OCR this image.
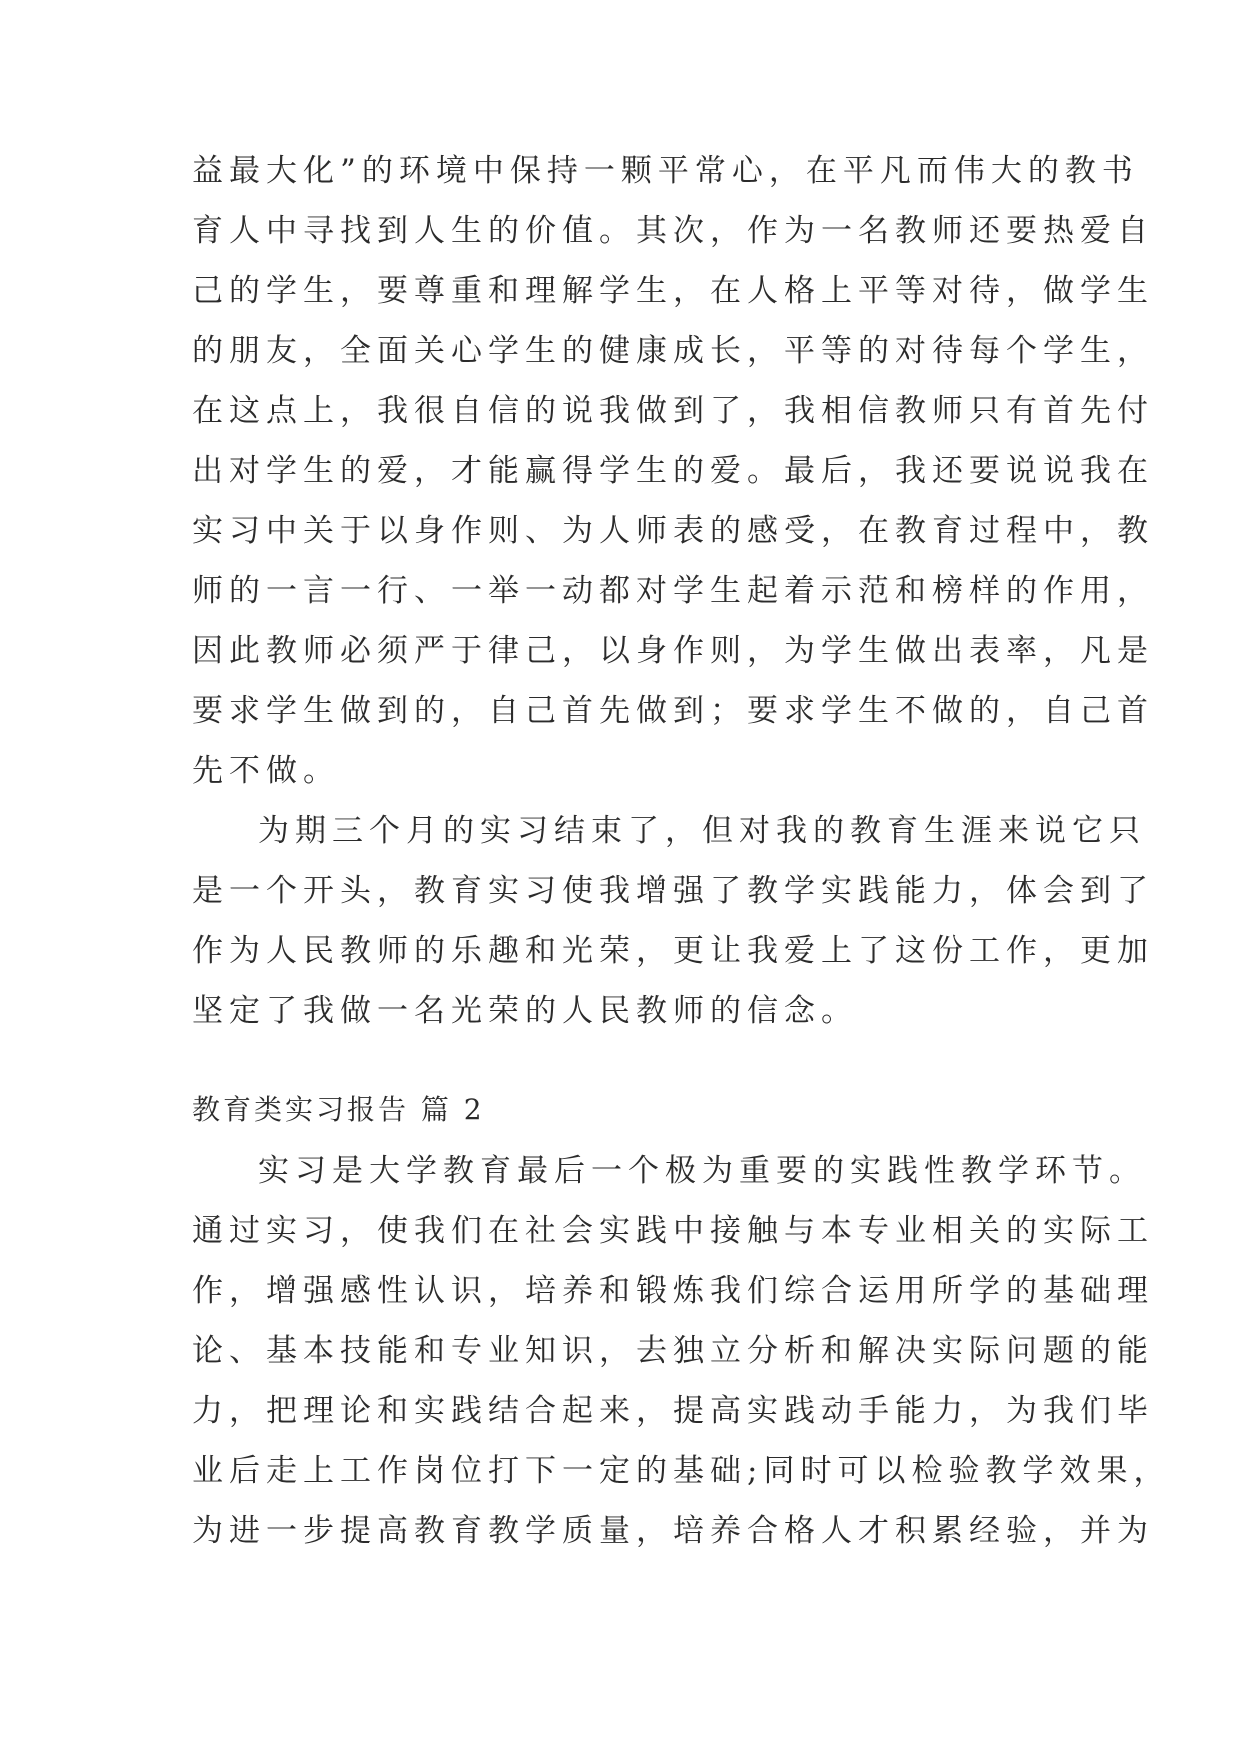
益最大化”的环境中保持一颗平常心，在平凡而伟大的教书
育人中寻找到人生的价值。其次，作为一名教师还要热爱自
己的学生，要尊重和理解学生，在人格上平等对待，做学生
的朋友，全面关心学生的健康成长，平等的对待每个学生，
在这点上，我很自信的说我做到了，我相信教师只有首先付
出对学生的爱，才能赢得学生的爱。最后，我还要说说我在
实习中关于以身作则、为人师表的感受，在教育过程中，教
师的一言一行、一举一动都对学生起着示范和榜样的作用，
因此教师必须严于律己，以身作则，为学生做出表率，凡是
要求学生做到的，自己首先做到；要求学生不做的，自己首
先不做。
为期三个月的实习结束了，但对我的教育生涯来说它只
是一个开头，教育实习使我增强了教学实践能力，体会到了
作为人民教师的乐趣和光荣，更让我爱上了这份工作，更加
坚定了我做一名光荣的人民教师的信念。
教育类实习报告 篇 2
实习是大学教育最后一个极为重要的实践性教学环节。
通过实习，使我们在社会实践中接触与本专业相关的实际工
作，增强感性认识，培养和锻炼我们综合运用所学的基础理
论、基本技能和专业知识，去独立分析和解决实际问题的能
力，把理论和实践结合起来，提高实践动手能力，为我们毕
业后走上工作岗位打下一定的基础;同时可以检验教学效果，
为进一步提高教育教学质量，培养合格人才积累经验，并为
